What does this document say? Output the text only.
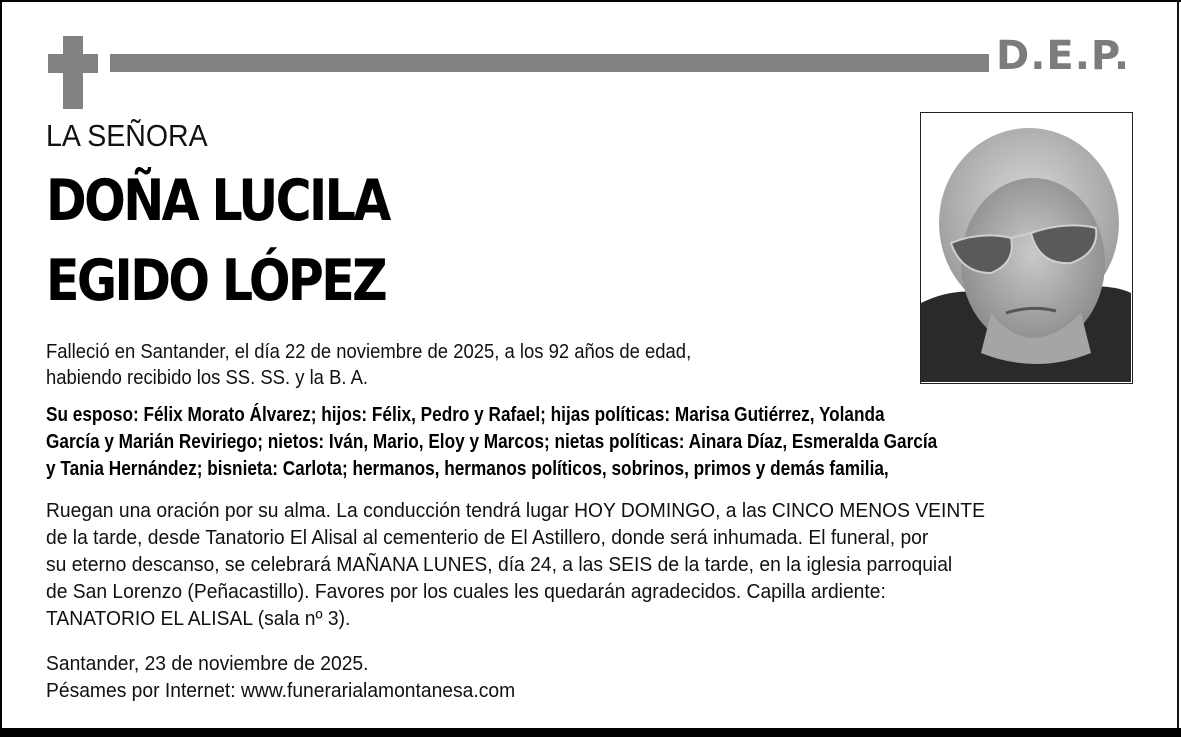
D.E.P.
LA SEÑORA
DOÑA LUCILA
EGIDO LÓPEZ
Falleció en Santander, el día 22 de noviembre de 2025, a los 92 años de edad,
habiendo recibido los SS. SS. y la B. A.
Su esposo: Félix Morato Álvarez; hijos: Félix, Pedro y Rafael; hijas políticas: Marisa Gutiérrez, Yolanda
García y Marián Reviriego; nietos: Iván, Mario, Eloy y Marcos; nietas políticas: Ainara Díaz, Esmeralda García
y Tania Hernández; bisnieta: Carlota; hermanos, hermanos políticos, sobrinos, primos y demás familia,
Ruegan una oración por su alma. La conducción tendrá lugar HOY DOMINGO, a las CINCO MENOS VEINTE
de la tarde, desde Tanatorio El Alisal al cementerio de El Astillero, donde será inhumada. El funeral, por
su eterno descanso, se celebrará MAÑANA LUNES, día 24, a las SEIS de la tarde, en la iglesia parroquial
de San Lorenzo (Peñacastillo). Favores por los cuales les quedarán agradecidos. Capilla ardiente:
TANATORIO EL ALISAL (sala nº 3).
Santander, 23 de noviembre de 2025.
Pésames por Internet: www.funerarialamontanesa.com
